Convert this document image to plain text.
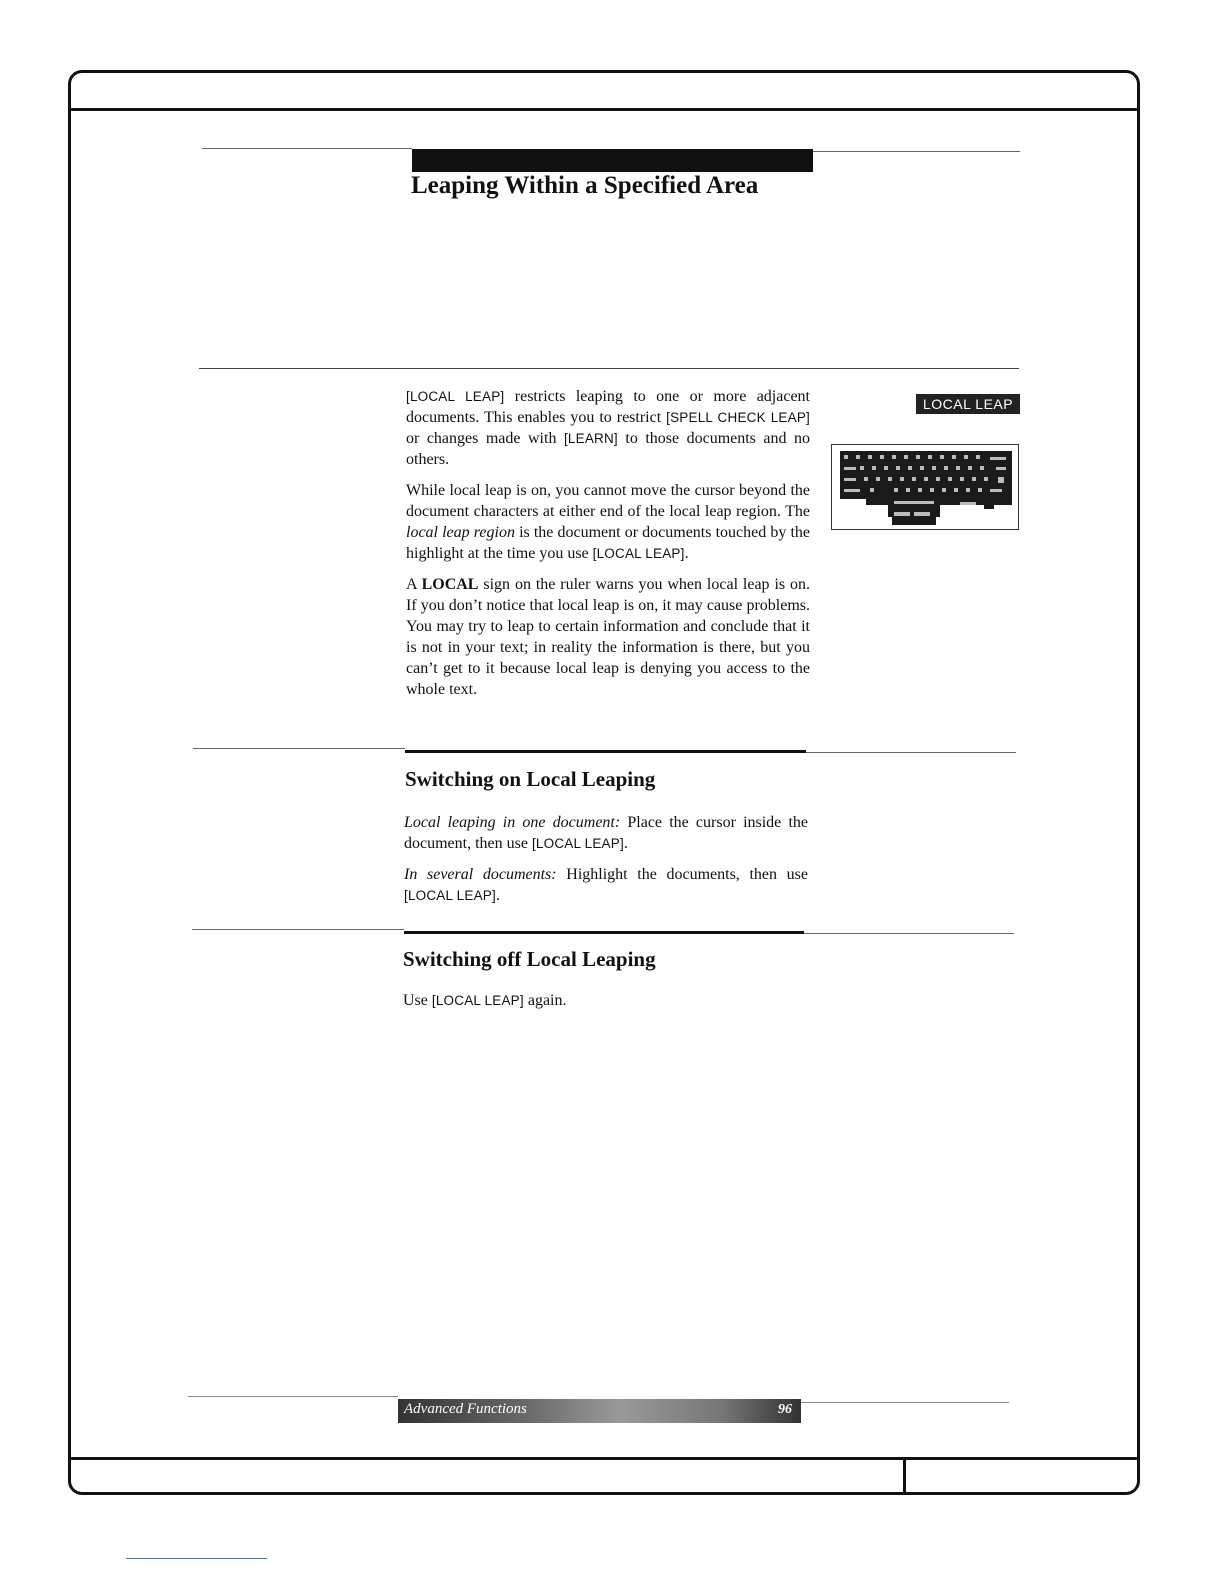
Leaping Within a Specified Area

[LOCAL LEAP] restricts leaping to one or more adjacent documents. This enables you to restrict [SPELL CHECK LEAP] or changes made with [LEARN] to those documents and no others.

While local leap is on, you cannot move the cursor beyond the document characters at either end of the local leap region. The local leap region is the document or documents touched by the highlight at the time you use [LOCAL LEAP].

A LOCAL sign on the ruler warns you when local leap is on. If you don’t notice that local leap is on, it may cause problems. You may try to leap to certain information and conclude that it is not in your text; in reality the information is there, but you can’t get to it because local leap is denying you access to the whole text.

LOCAL LEAP
Switching on Local Leaping

Local leaping in one document: Place the cursor inside the document, then use [LOCAL LEAP].

In several documents: Highlight the documents, then use [LOCAL LEAP].

Switching off Local Leaping

Use [LOCAL LEAP] again.

Advanced Functions	96
